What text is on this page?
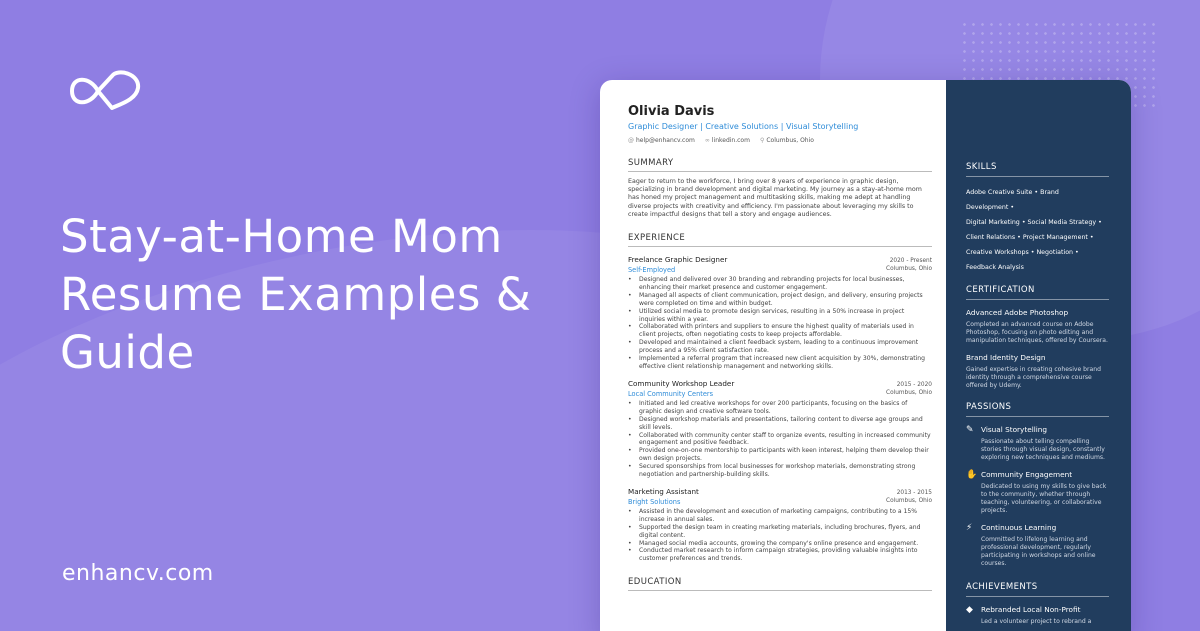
Stay-at-Home Mom Resume Examples & Guide
enhancv.com
Olivia Davis
Graphic Designer | Creative Solutions | Visual Storytelling
@ help@enhancv.com ∞ linkedin.com ⚲ Columbus, Ohio
SUMMARY
Eager to return to the workforce, I bring over 8 years of experience in graphic design, specializing in brand development and digital marketing. My journey as a stay-at-home mom has honed my project management and multitasking skills, making me adept at handling diverse projects with creativity and efficiency. I'm passionate about leveraging my skills to create impactful designs that tell a story and engage audiences.
EXPERIENCE
Freelance Graphic Designer	2020 - Present
Self-Employed	Columbus, Ohio
• Designed and delivered over 30 branding and rebranding projects for local businesses, enhancing their market presence and customer engagement.
• Managed all aspects of client communication, project design, and delivery, ensuring projects were completed on time and within budget.
• Utilized social media to promote design services, resulting in a 50% increase in project inquiries within a year.
• Collaborated with printers and suppliers to ensure the highest quality of materials used in client projects, often negotiating costs to keep projects affordable.
• Developed and maintained a client feedback system, leading to a continuous improvement process and a 95% client satisfaction rate.
• Implemented a referral program that increased new client acquisition by 30%, demonstrating effective client relationship management and networking skills.
Community Workshop Leader	2015 - 2020
Local Community Centers	Columbus, Ohio
• Initiated and led creative workshops for over 200 participants, focusing on the basics of graphic design and creative software tools.
• Designed workshop materials and presentations, tailoring content to diverse age groups and skill levels.
• Collaborated with community center staff to organize events, resulting in increased community engagement and positive feedback.
• Provided one-on-one mentorship to participants with keen interest, helping them develop their own design projects.
• Secured sponsorships from local businesses for workshop materials, demonstrating strong negotiation and partnership-building skills.
Marketing Assistant	2013 - 2015
Bright Solutions	Columbus, Ohio
• Assisted in the development and execution of marketing campaigns, contributing to a 15% increase in annual sales.
• Supported the design team in creating marketing materials, including brochures, flyers, and digital content.
• Managed social media accounts, growing the company's online presence and engagement.
• Conducted market research to inform campaign strategies, providing valuable insights into customer preferences and trends.
EDUCATION
SKILLS
Adobe Creative Suite • Brand Development •
Digital Marketing • Social Media Strategy •
Client Relations • Project Management •
Creative Workshops • Negotiation •
Feedback Analysis
CERTIFICATION
Advanced Adobe Photoshop
Completed an advanced course on Adobe Photoshop, focusing on photo editing and manipulation techniques, offered by Coursera.
Brand Identity Design
Gained expertise in creating cohesive brand identity through a comprehensive course offered by Udemy.
PASSIONS
✎	Visual Storytelling
Passionate about telling compelling stories through visual design, constantly exploring new techniques and mediums.
✋ Community Engagement
Dedicated to using my skills to give back to the community, whether through teaching, volunteering, or collaborative projects.
⚡	Continuous Learning
Committed to lifelong learning and professional development, regularly participating in workshops and online courses.
ACHIEVEMENTS
◆	Rebranded Local Non-Profit
Led a volunteer project to rebrand a
